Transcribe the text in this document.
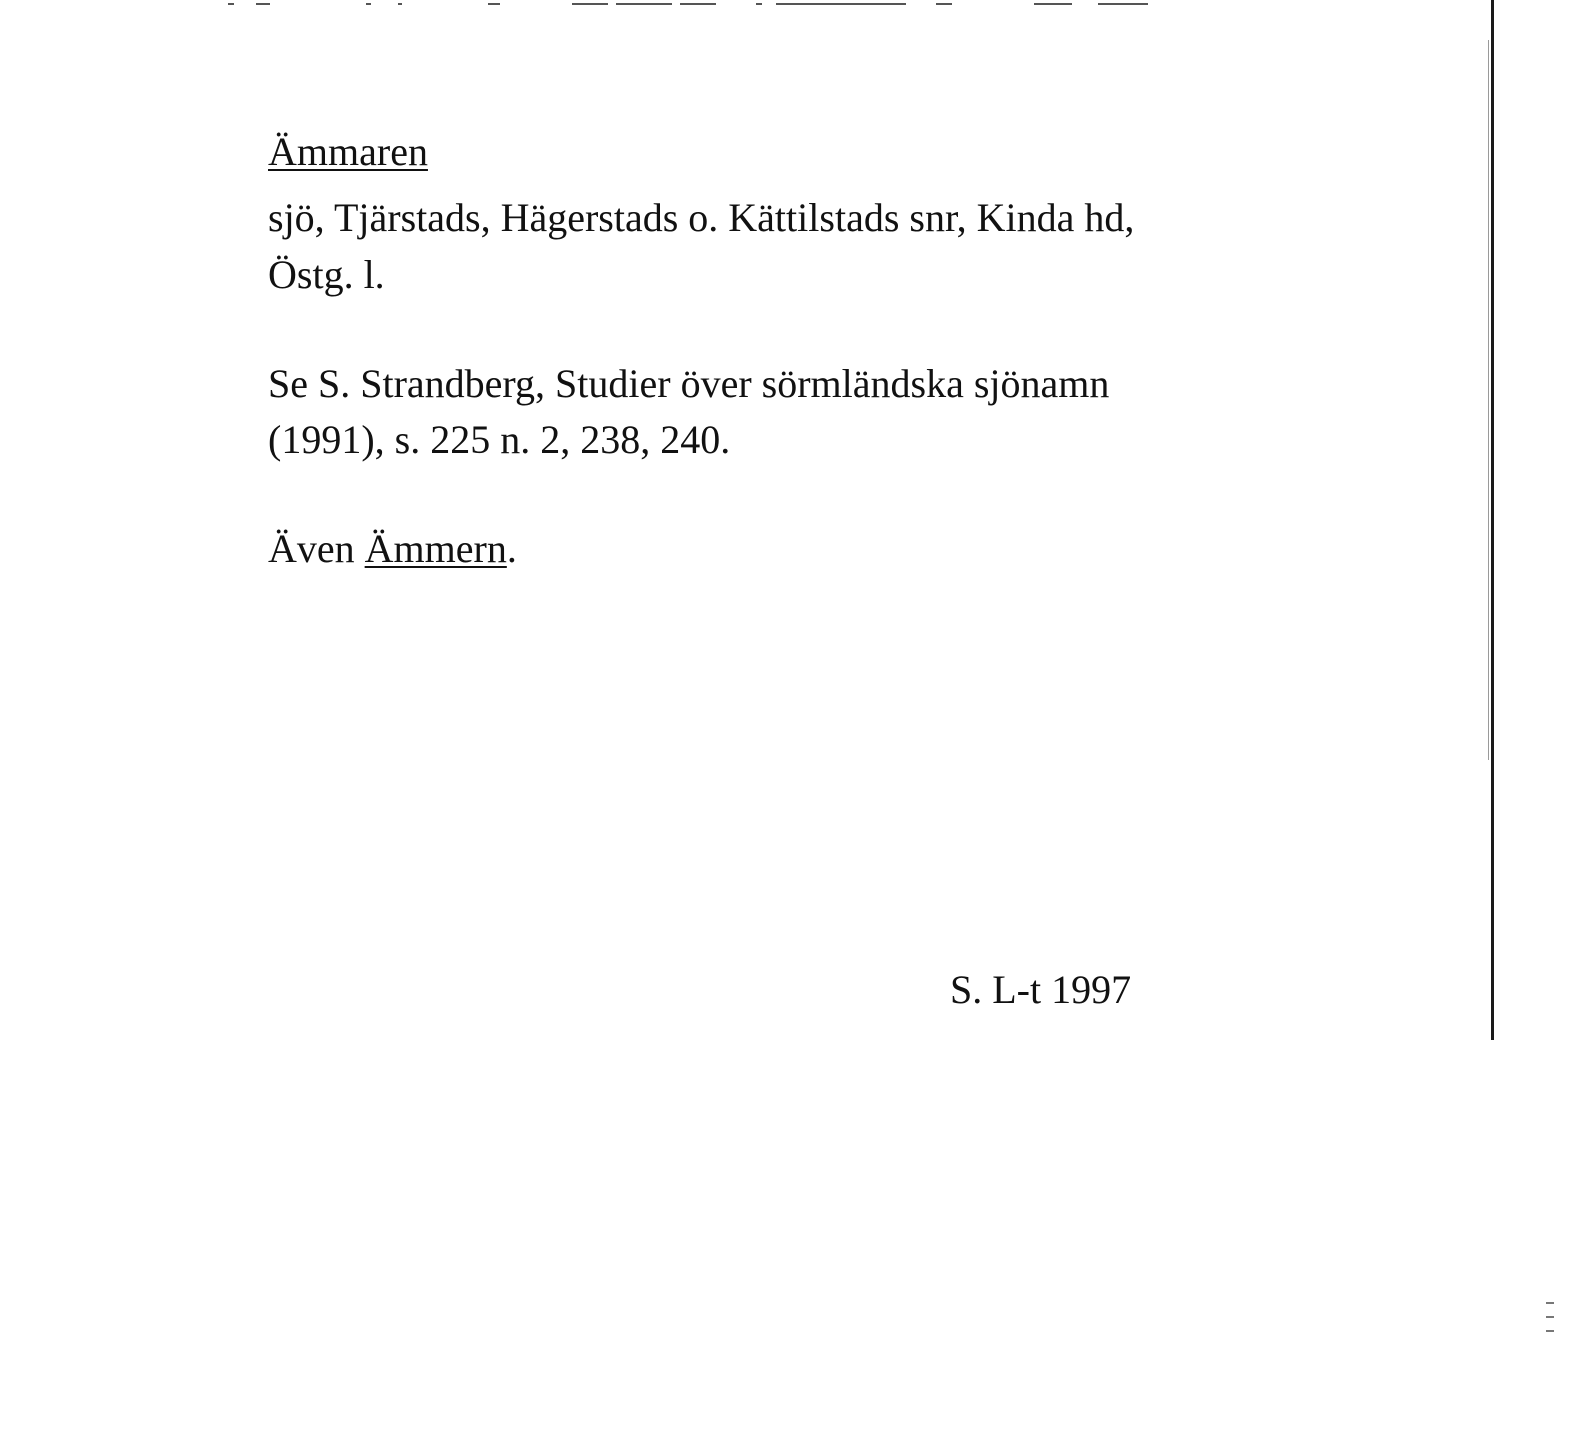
Ämmaren

sjö, Tjärstads, Hägerstads o. Kättilstads snr, Kinda hd,

Östg. l.

Se S. Strandberg, Studier över sörmländska sjönamn

(1991), s. 225 n. 2, 238, 240.

Även Ämmern.

S. L-t 1997
